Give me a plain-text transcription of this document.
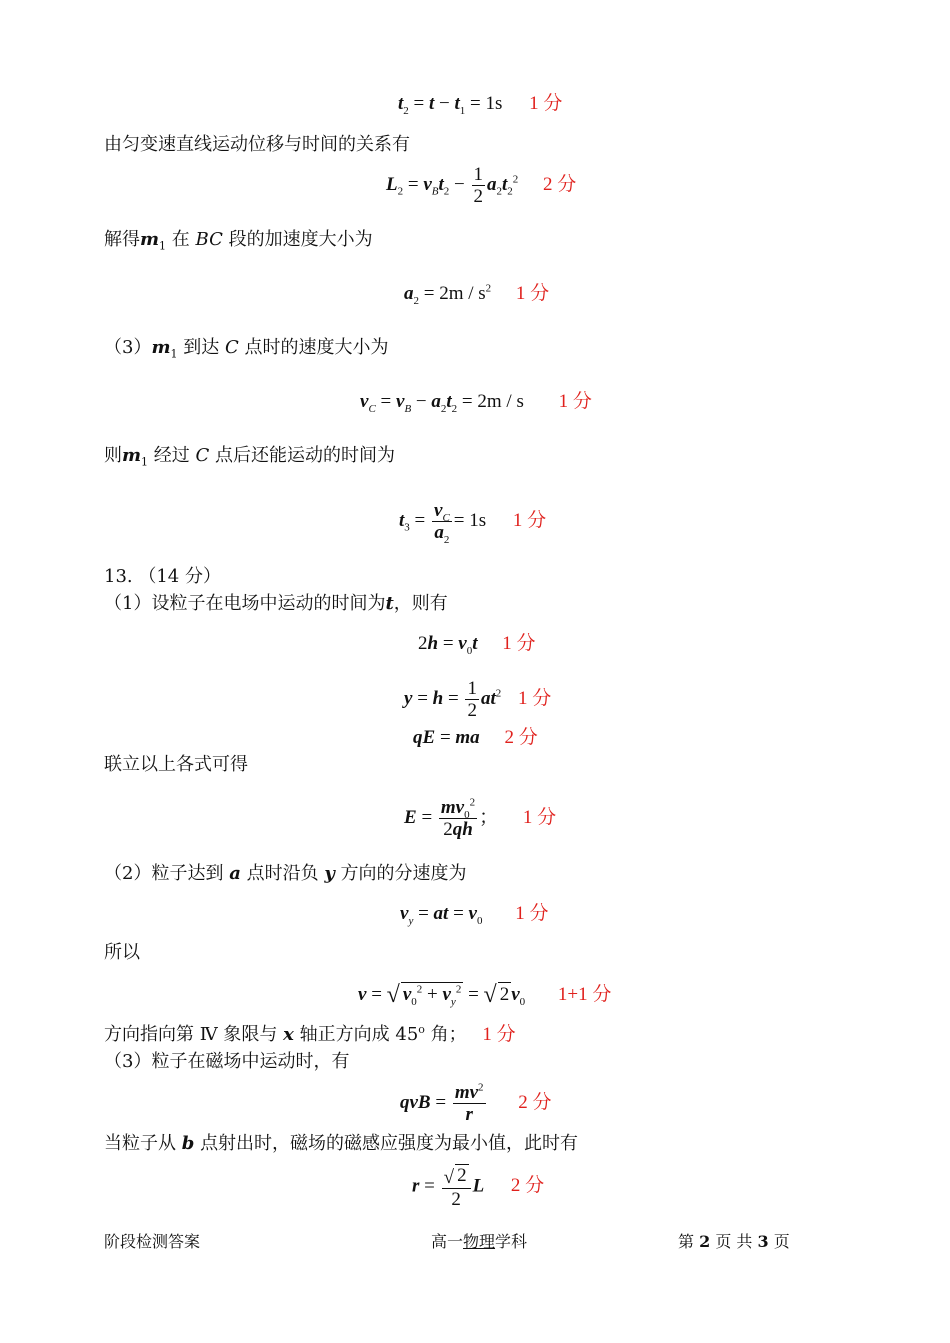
$t_2 = t - t_1 = 1s$ 1 分
由匀变速直线运动位移与时间的关系有
$L_2 = v_Bt_2 - \frac{1}{2} a_2t_2^2$ 2 分
解得$m_1$ 在 BC 段的加速度大小为
$a_2 = 2m / s^2$ 1 分
$(3)m_1$ 到达 C 点时的速度大小为
$v_C = v_B - a_2t_2 = 2m / s$ 1 分
则$m_1$ 经过 C 点后还能运动的时间为
$t_3 = \frac{v_C}{a_2} = 1s$ 1 分
13. （14 分）
（1）设粒子在电场中运动的时间为t，则有
$2h = v_0t$ 1 分
$y = h = \frac{1}{2} at^2$ 1 分
qE = ma 2 分
联立以上各式可得
$E = \frac{mv_0^2}{2qh}$ ； 1 分
（2）粒子达到 a 点时沿负 y 方向的分速度为
$v_y$ = at = $v_0$ 1 分
所以
v = √ $v_0^2 + v_y^2$ = √ 2 $v_0$ 1+1 分
方向指向第 Ⅳ 象限与 x 轴正方向成 45$^o$ 角； 1 分
（3）粒子在磁场中运动时，有
qvB = $\frac{mv^2}{r} 2$ 分
当粒子从 b 点射出时，磁场的磁感应强度为最小值，此时有
$r = \frac{√ 2}{2}$ L 2 分
阶段检测答案	高一物理学科	第 2 页 共 3 页
